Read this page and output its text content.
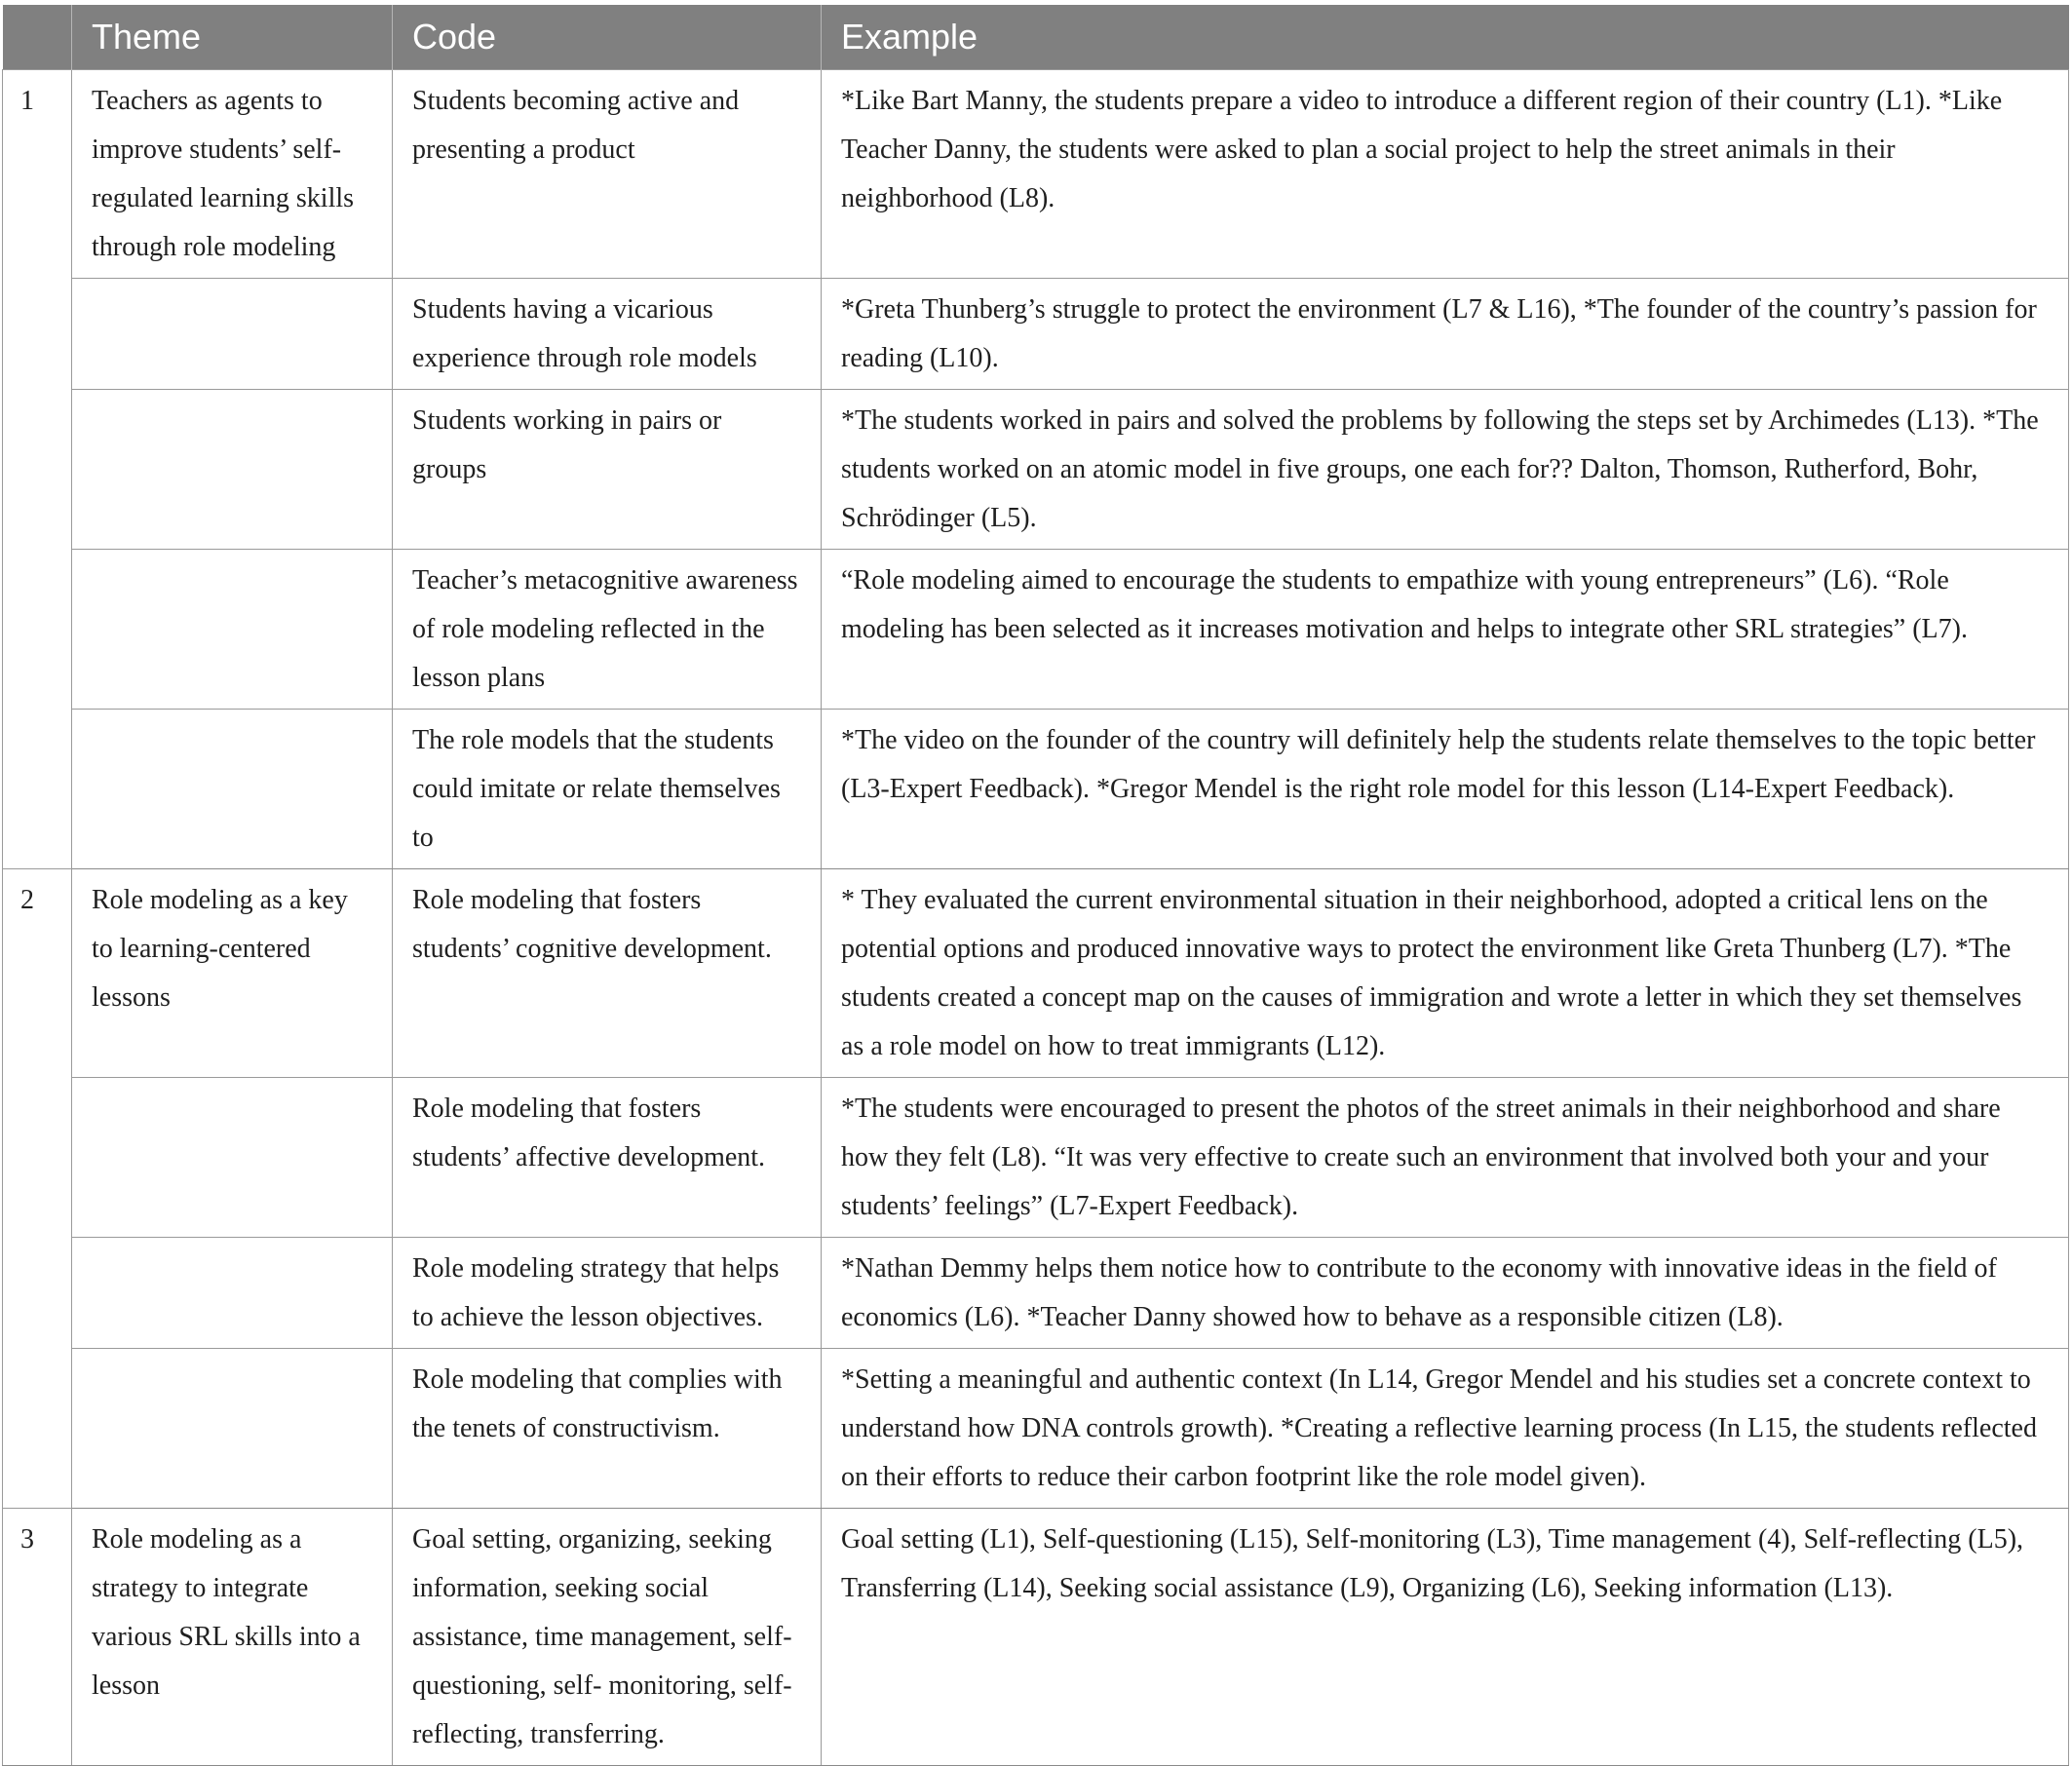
	Theme	Code	Example
1	Teachers as agents to improve students’ self-regulated learning skills through role modeling	Students becoming active and presenting a product	*Like Bart Manny, the students prepare a video to introduce a different region of their country (L1). *Like Teacher Danny, the students were asked to plan a social project to help the street animals in their neighborhood (L8).
		Students having a vicarious experience through role models	*Greta Thunberg’s struggle to protect the environment (L7 & L16), *The founder of the country’s passion for reading (L10).
		Students working in pairs or groups	*The students worked in pairs and solved the problems by following the steps set by Archimedes (L13). *The students worked on an atomic model in five groups, one each for?? Dalton, Thomson, Rutherford, Bohr, Schrödinger (L5).
		Teacher’s metacognitive awareness of role modeling reflected in the lesson plans	“Role modeling aimed to encourage the students to empathize with young entrepreneurs” (L6). “Role modeling has been selected as it increases motivation and helps to integrate other SRL strategies” (L7).
		The role models that the students could imitate or relate themselves to	*The video on the founder of the country will definitely help the students relate themselves to the topic better (L3-Expert Feedback). *Gregor Mendel is the right role model for this lesson (L14-Expert Feedback).
2	Role modeling as a key to learning-centered lessons	Role modeling that fosters students’ cognitive development.	* They evaluated the current environmental situation in their neighborhood, adopted a critical lens on the potential options and produced innovative ways to protect the environment like Greta Thunberg (L7). *The students created a concept map on the causes of immigration and wrote a letter in which they set themselves as a role model on how to treat immigrants (L12).
		Role modeling that fosters students’ affective development.	*The students were encouraged to present the photos of the street animals in their neighborhood and share how they felt (L8). “It was very effective to create such an environment that involved both your and your students’ feelings” (L7-Expert Feedback).
		Role modeling strategy that helps to achieve the lesson objectives.	*Nathan Demmy helps them notice how to contribute to the economy with innovative ideas in the field of economics (L6). *Teacher Danny showed how to behave as a responsible citizen (L8).
		Role modeling that complies with the tenets of constructivism.	*Setting a meaningful and authentic context (In L14, Gregor Mendel and his studies set a concrete context to understand how DNA controls growth). *Creating a reflective learning process (In L15, the students reflected on their efforts to reduce their carbon footprint like the role model given).
3	Role modeling as a strategy to integrate various SRL skills into a lesson	Goal setting, organizing, seeking information, seeking social assistance, time management, self-questioning, self- monitoring, self-reflecting, transferring.	Goal setting (L1), Self-questioning (L15), Self-monitoring (L3), Time management (4), Self-reflecting (L5), Transferring (L14), Seeking social assistance (L9), Organizing (L6), Seeking information (L13).
